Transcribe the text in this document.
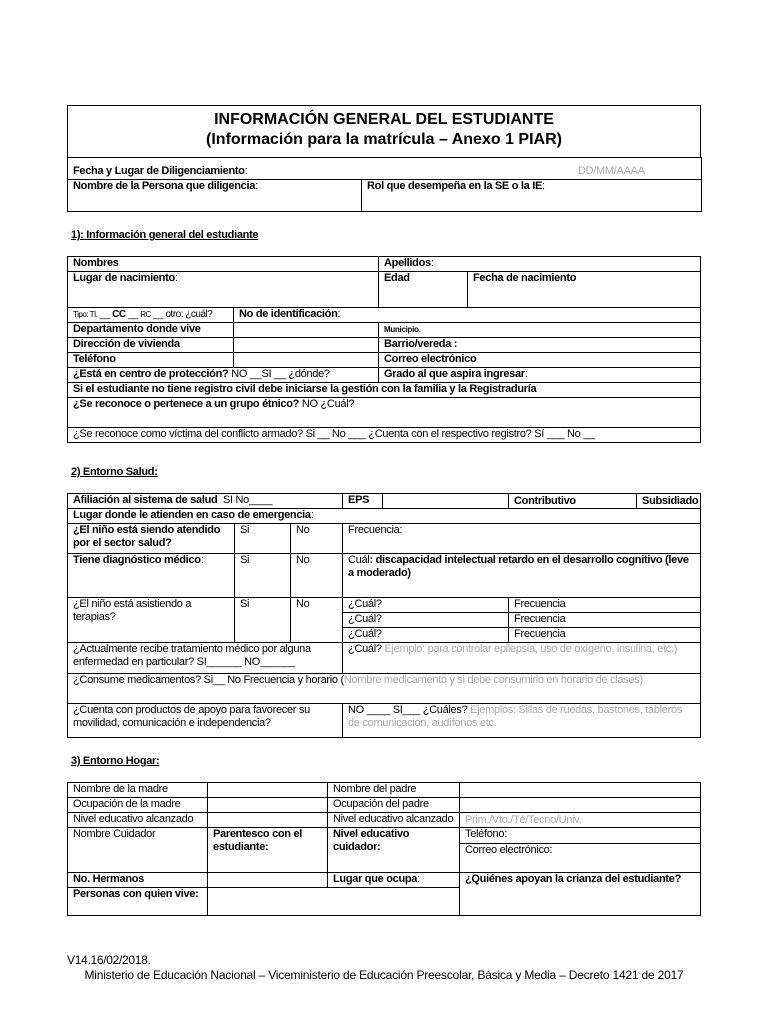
INFORMACIÓN GENERAL DEL ESTUDIANTE
(Información para la matrícula – Anexo 1 PIAR)
Fecha y Lugar de Diligenciamiento:	DD/MM/AAAA

Nombre de la Persona que diligencia:	Rol que desempeña en la SE o la IE:
1): Información general del estudiante
Nombres		Apellidos:	
Lugar de nacimiento:		Edad	Fecha de nacimiento
Tipo: TI. __ CC __ RC __ otro: ¿cuál?	No de identificación:		
Departamento donde vive		Municipio.	
Dirección de vivienda		Barrio/vereda :	
Teléfono		Correo electrónico	
¿Está en centro de protección? NO __SI __ ¿dónde?		Grado al que aspira ingresar:	
Si el estudiante no tiene registro civil debe iniciarse la gestión con la familia y la Registraduría			
¿Se reconoce o pertenece a un grupo étnico? NO ¿Cuál?			
¿Se reconoce como víctima del conflicto armado? Si __ No ___ ¿Cuenta con el respectivo registro? Sí ___ No __			
2) Entorno Salud:
Afiliación al sistema de salud SI No____			EPS		Contributivo	Subsidiado
Lugar donde le atienden en caso de emergencia:						
¿El niño está siendo atendido por el sector salud?	Si	No	Frecuencia:			
Tiene diagnóstico médico:	Si	No	Cuál: discapacidad intelectual retardo en el desarrollo cognitivo (leve a moderado)			
¿El niño está asistiendo a terapias?	Si	No	¿Cuál?		Frecuencia	
			¿Cuál?		Frecuencia	
			¿Cuál?		Frecuencia	
¿Actualmente recibe tratamiento médico por alguna enfermedad en particular? SI______ NO______			¿Cuál? Ejemplo: para controlar epilepsia, uso de oxígeno, insulina, etc.)			
¿Consume medicamentos? Si__ No Frecuencia y horario (Nombre medicamento y si debe consumirlo en horario de clases)						
¿Cuenta con productos de apoyo para favorecer su movilidad, comunicación e independencia?			NO ____ SI___ ¿Cuáles? Ejemplos: Sillas de ruedas, bastones, tableros de comunicación, audífonos etc.			
3) Entorno Hogar:
Nombre de la madre		Nombre del padre	
Ocupación de la madre		Ocupación del padre	
Nivel educativo alcanzado		Nivel educativo alcanzado	Prim./Vto./Té/Tecno/Univ.
Nombre Cuidador	Parentesco con el estudiante:	Nivel educativo cuidador:	Teléfono:
			Correo electrónico:
No. Hermanos		Lugar que ocupa:	¿Quiénes apoyan la crianza del estudiante?
Personas con quien vive:			
V14.16/02/2018.
Ministerio de Educación Nacional – Viceministerio de Educación Preescolar, Básica y Media – Decreto 1421 de 2017
